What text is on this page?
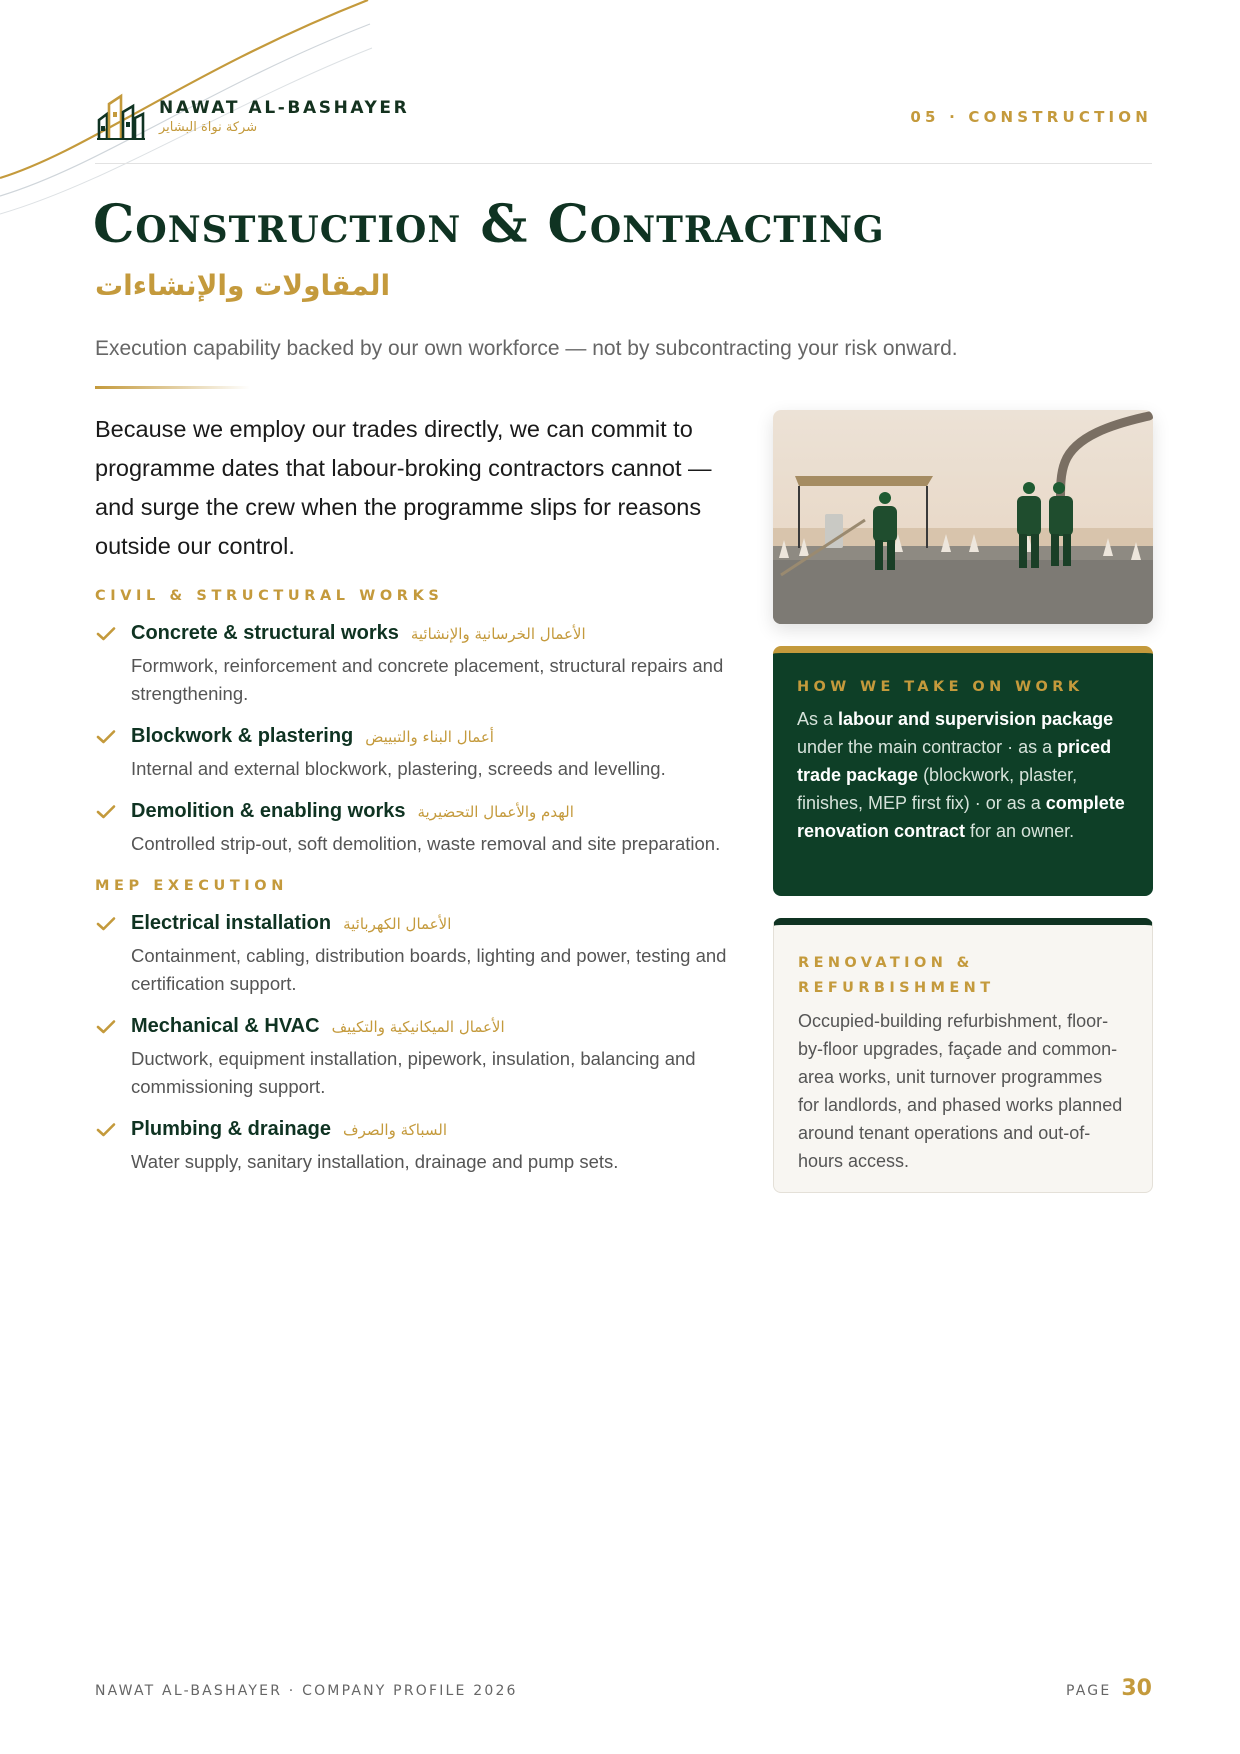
NAWAT AL-BASHAYER
شركة نواة البشاير
05 · CONSTRUCTION
Construction & Contracting
المقاولات والإنشاءات

Execution capability backed by our own workforce — not by subcontracting your risk onward.

Because we employ our trades directly, we can commit to programme dates that labour-broking contractors cannot — and surge the crew when the programme slips for reasons outside our control.

CIVIL & STRUCTURAL WORKS
Concrete & structural works الأعمال الخرسانية والإنشائية
Formwork, reinforcement and concrete placement, structural repairs and strengthening.
Blockwork & plastering أعمال البناء والتبييض
Internal and external blockwork, plastering, screeds and levelling.
Demolition & enabling works الهدم والأعمال التحضيرية
Controlled strip-out, soft demolition, waste removal and site preparation.
MEP EXECUTION
Electrical installation الأعمال الكهربائية
Containment, cabling, distribution boards, lighting and power, testing and certification support.
Mechanical & HVAC الأعمال الميكانيكية والتكييف
Ductwork, equipment installation, pipework, insulation, balancing and commissioning support.
Plumbing & drainage السباكة والصرف
Water supply, sanitary installation, drainage and pump sets.
HOW WE TAKE ON WORK

As a labour and supervision package under the main contractor · as a priced trade package (blockwork, plaster, finishes, MEP first fix) · or as a complete renovation contract for an owner.

RENOVATION &
REFURBISHMENT

Occupied-building refurbishment, floor-by-floor upgrades, façade and common-area works, unit turnover programmes for landlords, and phased works planned around tenant operations and out-of-hours access.

NAWAT AL-BASHAYER · COMPANY PROFILE 2026	PAGE 30
